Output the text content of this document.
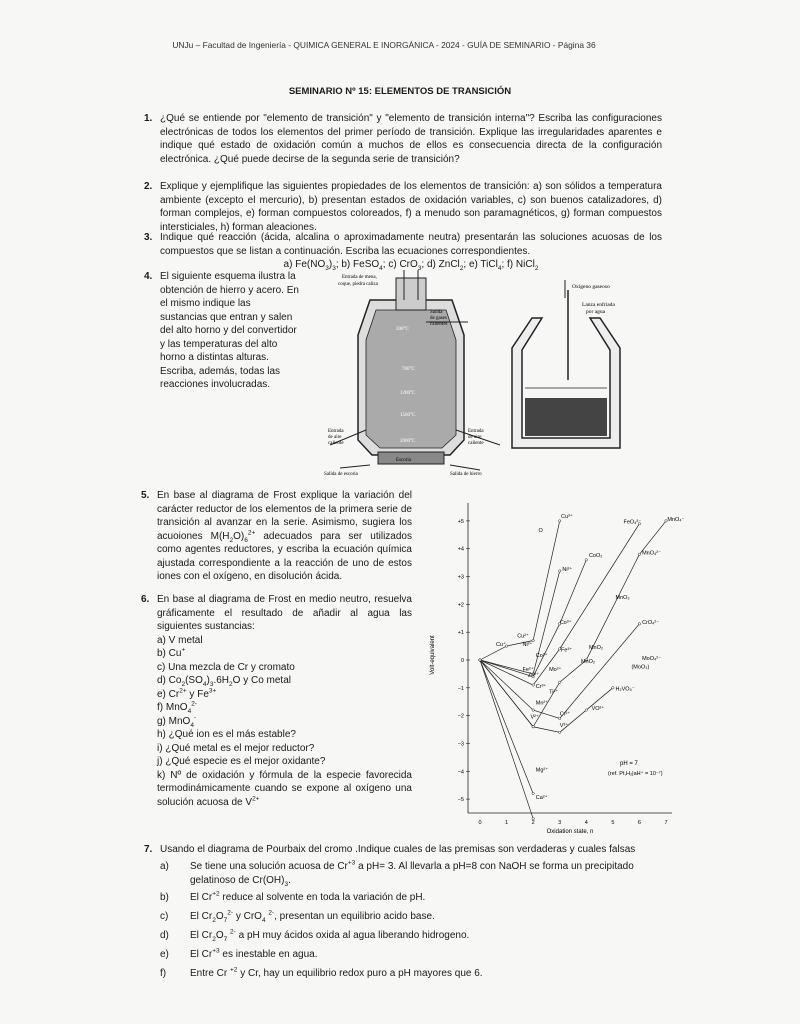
UNJu – Facultad de Ingeniería - QUIMICA GENERAL E INORGÁNICA - 2024 - GUÍA DE SEMINARIO - Página 36
SEMINARIO Nº 15: ELEMENTOS DE TRANSICIÓN
1. ¿Qué se entiende por "elemento de transición" y "elemento de transición interna"? Escriba las configuraciones electrónicas de todos los elementos del primer período de transición. Explique las irregularidades aparentes e indique qué estado de oxidación común a muchos de ellos es consecuencia directa de la configuración electrónica. ¿Qué puede decirse de la segunda serie de transición?
2. Explique y ejemplifique las siguientes propiedades de los elementos de transición: a) son sólidos a temperatura ambiente (excepto el mercurio), b) presentan estados de oxidación variables, c) son buenos catalizadores, d) forman complejos, e) forman compuestos coloreados, f) a menudo son paramagnéticos, g) forman compuestos intersticiales, h) forman aleaciones.
3. Indique qué reacción (ácida, alcalina o aproximadamente neutra) presentarán las soluciones acuosas de los compuestos que se listan a continuación. Escriba las ecuaciones correspondientes.
a) $Fe(NO_3)_3$; b) FeSO$_4$; c) CrO$_3$; d) ZnCl$_2$; e) TiCl$_4$; f) NiCl$_2$
4. El siguiente esquema ilustra la obtención de hierro y acero. En el mismo indique las sustancias que entran y salen del alto horno y del convertidor y las temperaturas del alto horno a distintas alturas. Escriba, además, todas las reacciones involucradas.
Entrada de mena,
coque, piedra caliza
Salida
de gases
calientes
200°C
700°C
1200°C
1500°C
2000°C
Entrada
de aire
caliente
Entrada
de aire
caliente
Escoria
Salida de escoria	Salida de hierro
Oxígeno gaseoso
Lanza enfriada
por agua
5. En base al diagrama de Frost explique la variación del carácter reductor de los elementos de la primera serie de transición al avanzar en la serie. Asimismo, sugiera los acuoiones $M(H_2O)_6^{2+}$ adecuados para ser utilizados como agentes reductores, y escriba la ecuación química ajustada correspondiente a la reacción de uno de estos iones con el oxígeno, en disolución ácida.
6. En base al diagrama de Frost en medio neutro, resuelva gráficamente el resultado de añadir al agua las siguientes sustancias:
a) V metal
b) Cu+
c) Una mezcla de Cr y cromato
d) $Co_2(SO_4)_3.6H_2O$ y Co metal
e) $Cr^{2+}$ y $Fe^{3+}$
f) MnO$_4^{2-}$
g) MnO$_4$-
h) ¿Qué ion es el más estable?
i) ¿Qué metal es el mejor reductor?
j) ¿Qué especie es el mejor oxidante?
k) Nº de oxidación y fórmula de la especie favorecida termodinámicamente cuando se expone al oxígeno una solución acuosa de $V^{2+}$
Volt-equivalent
Oxidation state, n
+5
+4
+3
+2
+1
0
−1
−2
−3
−4
−5
0	1	2	3	4	5	6	7
Cu³⁺
O
FeO₄²⁻	MnO₄⁻
Ni³⁺
CoO₂	MnO₄²⁻
MnO₃
Cu²⁺
Co³⁺	CrO₄²⁻
Cu⁺	Ni²⁺
Co²⁺
Fe³⁺	MnO₂
MnO₂
Fe²⁺
Zn²⁺
(MoO₃)
MoO₄²⁻
Cr³⁺
Mn²⁺
V²⁺	Cr²⁺
VO²⁺
H₂VO₄⁻
V³⁺
Mg²⁺
Ca²⁺
Ti²⁺
Mo²⁺
pH = 7
(ref. Pt,H₂|aH⁺ = 10⁻⁷)
7. Usando el diagrama de Pourbaix del cromo .Indique cuales de las premisas son verdaderas y cuales falsas
a)	Se tiene una solución acuosa de $Cr^{+3}$ a pH= 3. Al llevarla a pH=8 con NaOH se forma un precipitado gelatinoso de $Cr(OH)_3$.
b)	El $Cr^{+2}$ reduce al solvente en toda la variación de pH.
c)	El $Cr_2O_7^{2-}$ y CrO$_4$ $^{2-}$, presentan un equilibrio acido base.
d)	El $Cr_2O_7$ $^{2-}$ a pH muy ácidos oxida al agua liberando hidrogeno.
e)	El $Cr^{+3}$ es inestable en agua.
f)	Entre Cr $^{+2}$ y Cr, hay un equilibrio redox puro a pH mayores que 6.
